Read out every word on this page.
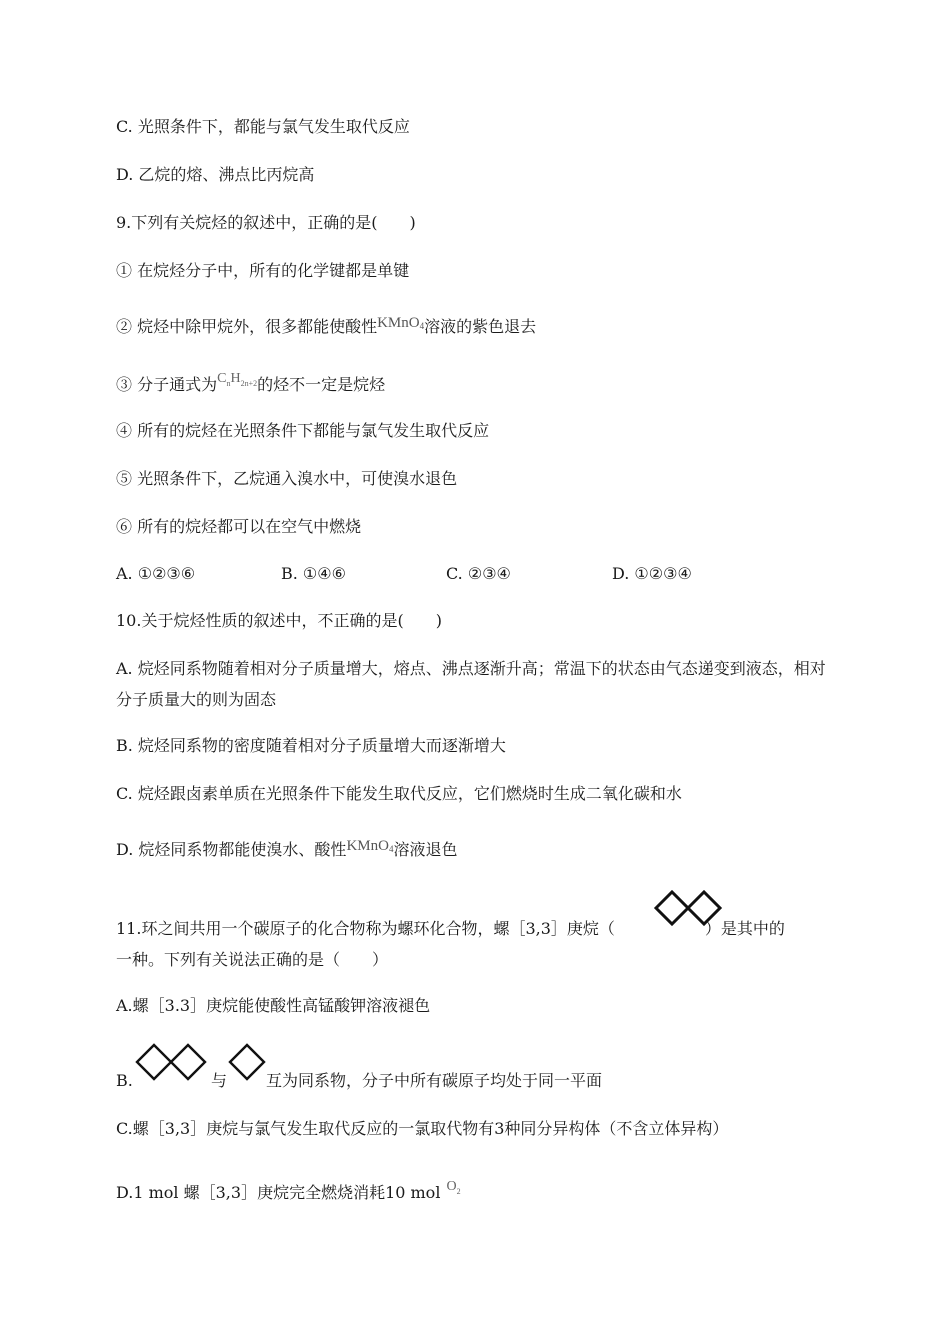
C. 光照条件下，都能与氯气发生取代反应
D. 乙烷的熔、沸点比丙烷高
9.下列有关烷烃的叙述中，正确的是(　　)
① 在烷烃分子中，所有的化学键都是单键
② 烷烃中除甲烷外，很多都能使酸性KMnO$_4$溶液的紫色退去
③ 分子通式为$C_nH_{2n+2}$的烃不一定是烷烃
④ 所有的烷烃在光照条件下都能与氯气发生取代反应
⑤ 光照条件下，乙烷通入溴水中，可使溴水退色
⑥ 所有的烷烃都可以在空气中燃烧
A. ①②③⑥	B. ①④⑥	C. ②③④	D. ①②③④
10.关于烷烃性质的叙述中，不正确的是(　　)
A. 烷烃同系物随着相对分子质量增大，熔点、沸点逐渐升高；常温下的状态由气态递变到液态，相对分子质量大的则为固态
B. 烷烃同系物的密度随着相对分子质量增大而逐渐增大
C. 烷烃跟卤素单质在光照条件下能发生取代反应，它们燃烧时生成二氧化碳和水
D. 烷烃同系物都能使溴水、酸性KMnO$_4$溶液退色
11.环之间共用一个碳原子的化合物称为螺环化合物，螺［3,3］庚烷（	）是其中的
一种。下列有关说法正确的是（　　）
A.螺［3.3］庚烷能使酸性高锰酸钾溶液褪色
B.	与 互为同系物，分子中所有碳原子均处于同一平面
C.螺［3,3］庚烷与氯气发生取代反应的一氯取代物有3种同分异构体（不含立体异构）
D.1 mol 螺［3,3］庚烷完全燃烧消耗10 mol $O_2$
